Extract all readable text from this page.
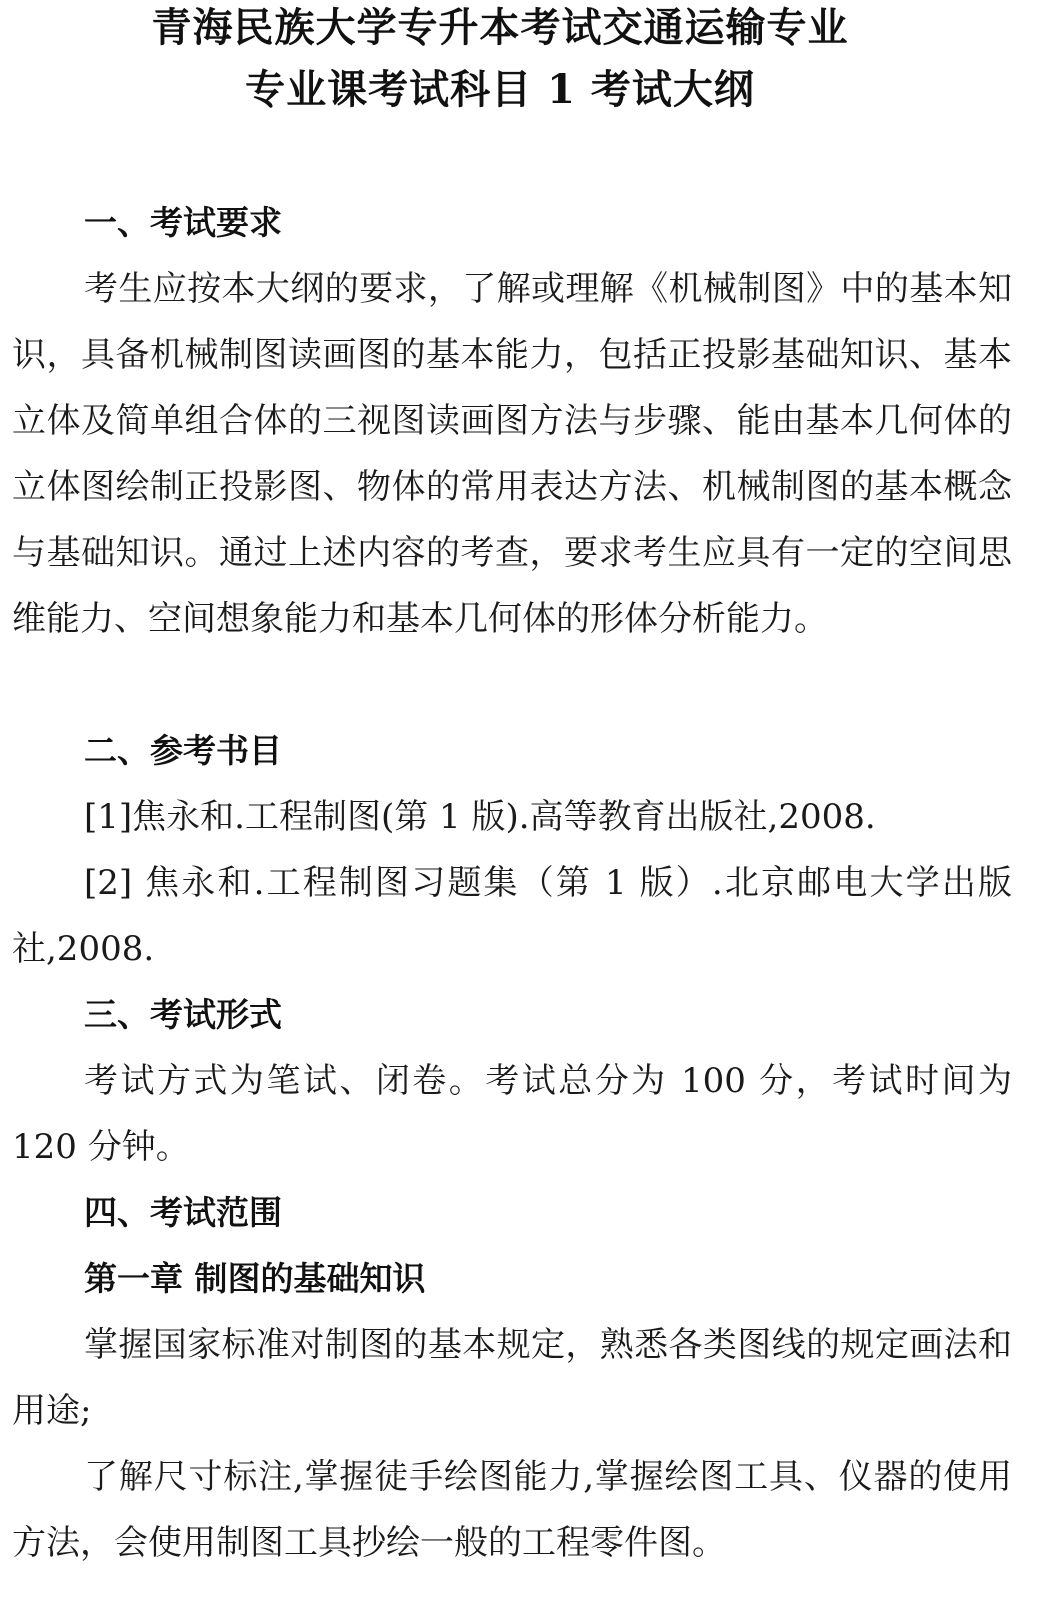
青海民族大学专升本考试交通运输专业
专业课考试科目 1 考试大纲
一、考试要求
考生应按本大纲的要求，了解或理解《机械制图》中的基本知识，具备机械制图读画图的基本能力，包括正投影基础知识、基本立体及简单组合体的三视图读画图方法与步骤、能由基本几何体的立体图绘制正投影图、物体的常用表达方法、机械制图的基本概念与基础知识。通过上述内容的考查，要求考生应具有一定的空间思维能力、空间想象能力和基本几何体的形体分析能力。
二、参考书目
[1]焦永和.工程制图(第 1 版).高等教育出版社,2008.
[2] 焦永和.工程制图习题集（第 1 版）.北京邮电大学出版社,2008.
三、考试形式
考试方式为笔试、闭卷。考试总分为 100 分，考试时间为 120 分钟。
四、考试范围
第一章 制图的基础知识
掌握国家标准对制图的基本规定，熟悉各类图线的规定画法和用途;
了解尺寸标注,掌握徒手绘图能力,掌握绘图工具、仪器的使用方法，会使用制图工具抄绘一般的工程零件图。
